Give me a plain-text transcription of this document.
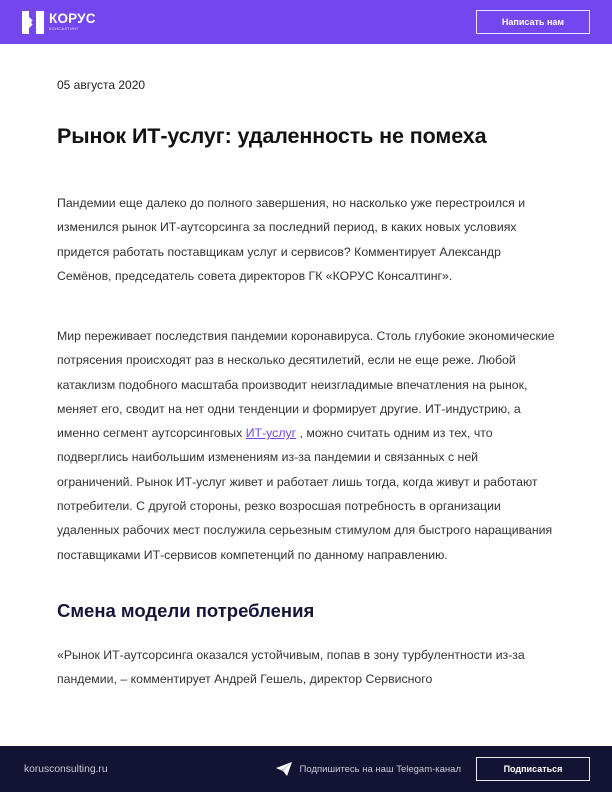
КОРУС
КОНСАЛТИНГ
Написать нам
05 августа 2020
Рынок ИТ-услуг: удаленность не помеха

Пандемии еще далеко до полного завершения, но насколько уже перестроился и изменился рынок ИТ-аутсорсинга за последний период, в каких новых условиях придется работать поставщикам услуг и сервисов? Комментирует Александр Семёнов, председатель совета директоров ГК «КОРУС Консалтинг».

Мир переживает последствия пандемии коронавируса. Столь глубокие экономические потрясения происходят раз в несколько десятилетий, если не еще реже. Любой катаклизм подобного масштаба производит неизгладимые впечатления на рынок, меняет его, сводит на нет одни тенденции и формирует другие. ИТ-индустрию, а именно сегмент аутсорсинговых ИТ-услуг , можно считать одним из тех, что подверглись наибольшим изменениям из-за пандемии и связанных с ней ограничений. Рынок ИТ-услуг живет и работает лишь тогда, когда живут и работают потребители. С другой стороны, резко возросшая потребность в организации удаленных рабочих мест послужила серьезным стимулом для быстрого наращивания поставщиками ИТ-сервисов компетенций по данному направлению.

Смена модели потребления

«Рынок ИТ-аутсорсинга оказался устойчивым, попав в зону турбулентности из-за пандемии, – комментирует Андрей Гешель, директор Сервисного

korusconsulting.ru	Подпишитесь на наш Telegam-канал	Подписаться
